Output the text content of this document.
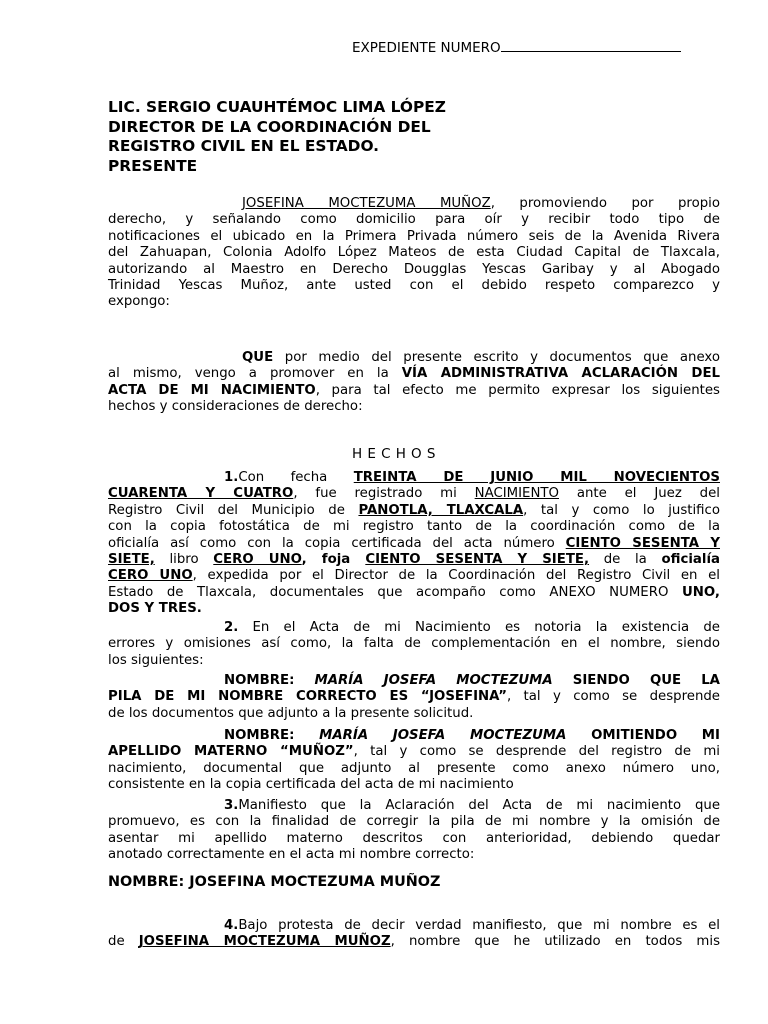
EXPEDIENTE NUMERO
LIC. SERGIO CUAUHTÉMOC LIMA LÓPEZ
DIRECTOR DE LA COORDINACIÓN DEL
REGISTRO CIVIL EN EL ESTADO.
PRESENTE
JOSEFINA MOCTEZUMA MUÑOZ, promoviendo por propio
derecho, y señalando como domicilio para oír y recibir todo tipo de
notificaciones el ubicado en la Primera Privada número seis de la Avenida Rivera
del Zahuapan, Colonia Adolfo López Mateos de esta Ciudad Capital de Tlaxcala,
autorizando al Maestro en Derecho Dougglas Yescas Garibay y al Abogado
Trinidad Yescas Muñoz, ante usted con el debido respeto comparezco y
expongo:
QUE por medio del presente escrito y documentos que anexo
al mismo, vengo a promover en la VÍA ADMINISTRATIVA ACLARACIÓN DEL
ACTA DE MI NACIMIENTO, para tal efecto me permito expresar los siguientes
hechos y consideraciones de derecho:
HECHOS
1.Con fecha TREINTA DE JUNIO MIL NOVECIENTOS
CUARENTA Y CUATRO, fue registrado mi NACIMIENTO ante el Juez del
Registro Civil del Municipio de PANOTLA, TLAXCALA, tal y como lo justifico
con la copia fotostática de mi registro tanto de la coordinación como de la
oficialía así como con la copia certificada del acta número CIENTO SESENTA Y
SIETE, libro CERO UNO, foja CIENTO SESENTA Y SIETE, de la oficialía
CERO UNO, expedida por el Director de la Coordinación del Registro Civil en el
Estado de Tlaxcala, documentales que acompaño como ANEXO NUMERO UNO,
DOS Y TRES.
2. En el Acta de mi Nacimiento es notoria la existencia de
errores y omisiones así como, la falta de complementación en el nombre, siendo
los siguientes:
NOMBRE: MARÍA JOSEFA MOCTEZUMA SIENDO QUE LA
PILA DE MI NOMBRE CORRECTO ES “JOSEFINA”, tal y como se desprende
de los documentos que adjunto a la presente solicitud.
NOMBRE: MARÍA JOSEFA MOCTEZUMA OMITIENDO MI
APELLIDO MATERNO “MUÑOZ”, tal y como se desprende del registro de mi
nacimiento, documental que adjunto al presente como anexo número uno,
consistente en la copia certificada del acta de mi nacimiento
3.Manifiesto que la Aclaración del Acta de mi nacimiento que
promuevo, es con la finalidad de corregir la pila de mi nombre y la omisión de
asentar mi apellido materno descritos con anterioridad, debiendo quedar
anotado correctamente en el acta mi nombre correcto:
NOMBRE: JOSEFINA MOCTEZUMA MUÑOZ
4.Bajo protesta de decir verdad manifiesto, que mi nombre es el
de JOSEFINA MOCTEZUMA MUÑOZ, nombre que he utilizado en todos mis
